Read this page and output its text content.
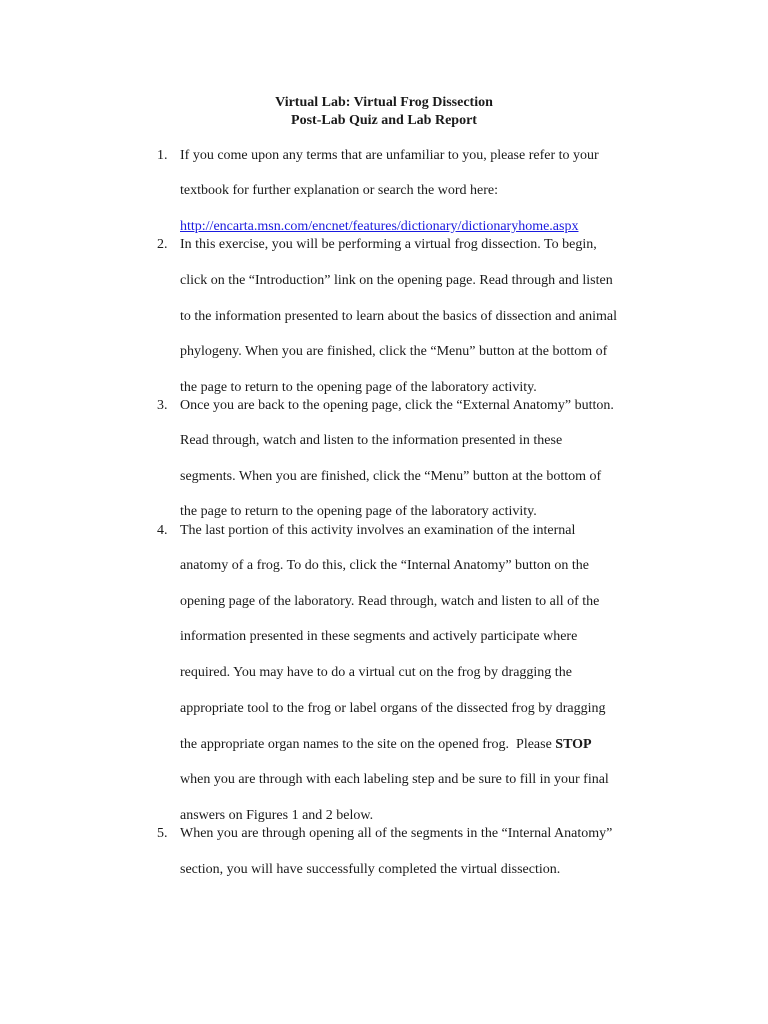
Virtual Lab: Virtual Frog Dissection
Post-Lab Quiz and Lab Report
1. If you come upon any terms that are unfamiliar to you, please refer to your
textbook for further explanation or search the word here:
http://encarta.msn.com/encnet/features/dictionary/dictionaryhome.aspx
2. In this exercise, you will be performing a virtual frog dissection. To begin,
click on the “Introduction” link on the opening page. Read through and listen
to the information presented to learn about the basics of dissection and animal
phylogeny. When you are finished, click the “Menu” button at the bottom of
the page to return to the opening page of the laboratory activity.
3. Once you are back to the opening page, click the “External Anatomy” button.
Read through, watch and listen to the information presented in these
segments. When you are finished, click the “Menu” button at the bottom of
the page to return to the opening page of the laboratory activity.
4. The last portion of this activity involves an examination of the internal
anatomy of a frog. To do this, click the “Internal Anatomy” button on the
opening page of the laboratory. Read through, watch and listen to all of the
information presented in these segments and actively participate where
required. You may have to do a virtual cut on the frog by dragging the
appropriate tool to the frog or label organs of the dissected frog by dragging
the appropriate organ names to the site on the opened frog.  Please STOP
when you are through with each labeling step and be sure to fill in your final
answers on Figures 1 and 2 below.
5. When you are through opening all of the segments in the “Internal Anatomy”
section, you will have successfully completed the virtual dissection.
